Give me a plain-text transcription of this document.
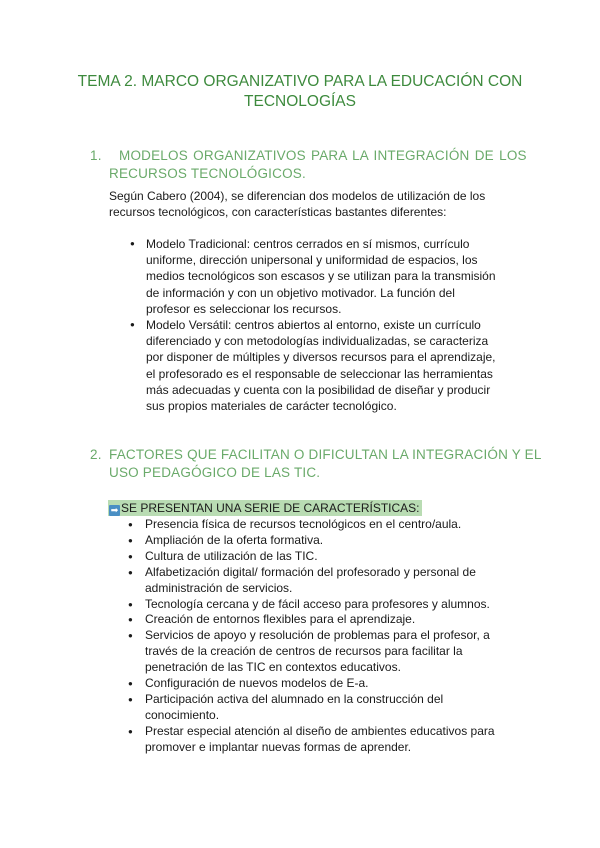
TEMA 2. MARCO ORGANIZATIVO PARA LA EDUCACIÓN CON
TECNOLOGÍAS
1. MODELOS ORGANIZATIVOS PARA LA INTEGRACIÓN DE LOS
RECURSOS TECNOLÓGICOS.
Según Cabero (2004), se diferencian dos modelos de utilización de los recursos tecnológicos, con características bastantes diferentes:
● Modelo Tradicional: centros cerrados en sí mismos, currículo uniforme, dirección unipersonal y uniformidad de espacios, los medios tecnológicos son escasos y se utilizan para la transmisión de información y con un objetivo motivador. La función del profesor es seleccionar los recursos.
● Modelo Versátil: centros abiertos al entorno, existe un currículo diferenciado y con metodologías individualizadas, se caracteriza por disponer de múltiples y diversos recursos para el aprendizaje, el profesorado es el responsable de seleccionar las herramientas más adecuadas y cuenta con la posibilidad de diseñar y producir sus propios materiales de carácter tecnológico.
2. FACTORES QUE FACILITAN O DIFICULTAN LA INTEGRACIÓN Y EL
USO PEDAGÓGICO DE LAS TIC.
➡ SE PRESENTAN UNA SERIE DE CARACTERÍSTICAS:
● Presencia física de recursos tecnológicos en el centro/aula.
● Ampliación de la oferta formativa.
● Cultura de utilización de las TIC.
● Alfabetización digital/ formación del profesorado y personal de administración de servicios.
● Tecnología cercana y de fácil acceso para profesores y alumnos.
● Creación de entornos flexibles para el aprendizaje.
● Servicios de apoyo y resolución de problemas para el profesor, a través de la creación de centros de recursos para facilitar la penetración de las TIC en contextos educativos.
● Configuración de nuevos modelos de E-a.
● Participación activa del alumnado en la construcción del conocimiento.
● Prestar especial atención al diseño de ambientes educativos para promover e implantar nuevas formas de aprender.
